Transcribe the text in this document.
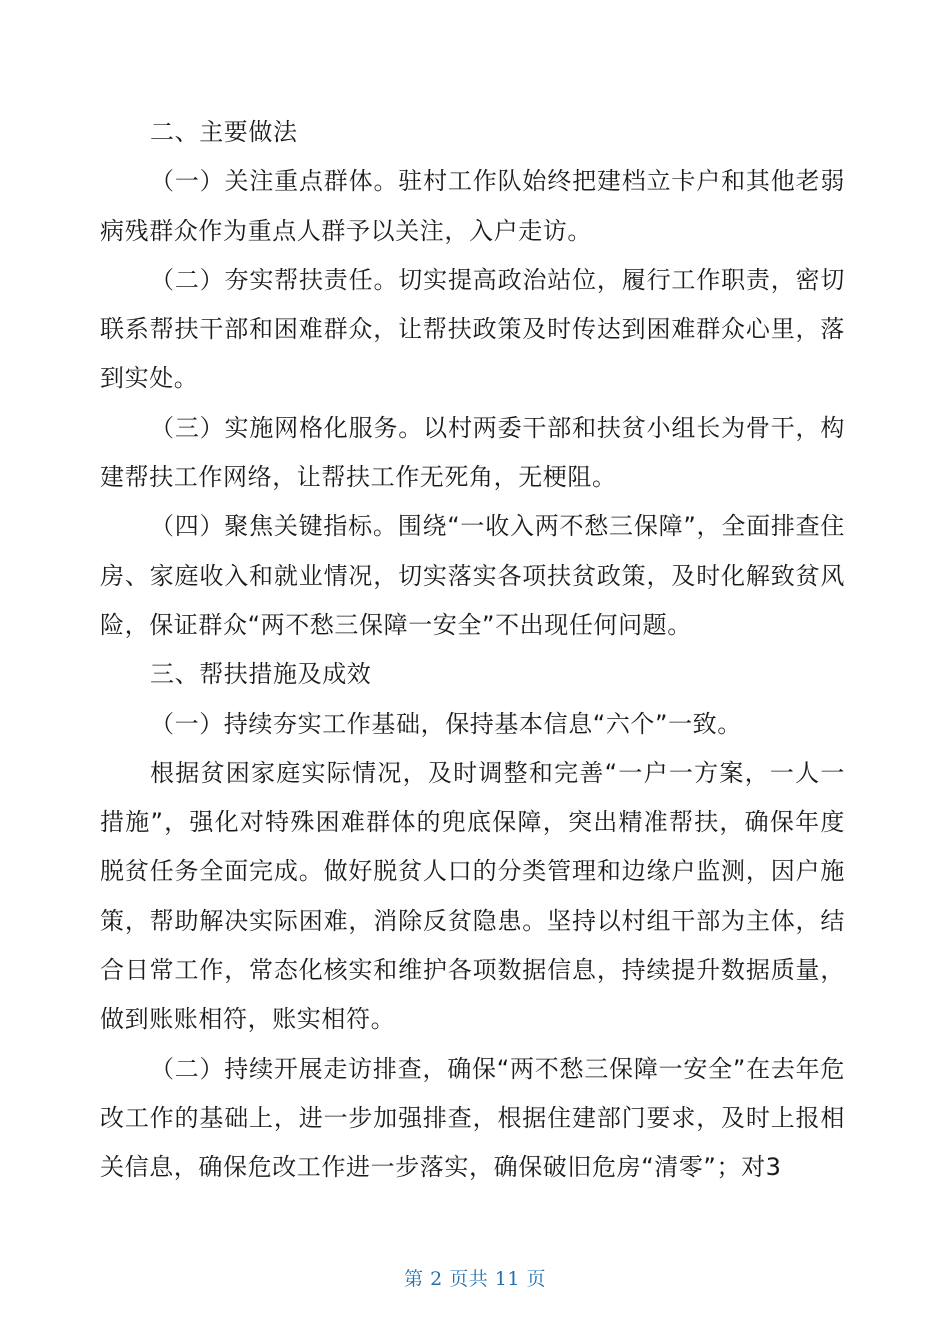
二、主要做法

（一）关注重点群体。驻村工作队始终把建档立卡户和其他老弱病残群众作为重点人群予以关注，入户走访。

（二）夯实帮扶责任。切实提高政治站位，履行工作职责，密切联系帮扶干部和困难群众，让帮扶政策及时传达到困难群众心里，落到实处。

（三）实施网格化服务。以村两委干部和扶贫小组长为骨干，构建帮扶工作网络，让帮扶工作无死角，无梗阻。

（四）聚焦关键指标。围绕“一收入两不愁三保障”，全面排查住房、家庭收入和就业情况，切实落实各项扶贫政策，及时化解致贫风险，保证群众“两不愁三保障一安全”不出现任何问题。

三、帮扶措施及成效

（一）持续夯实工作基础，保持基本信息“六个”一致。

根据贫困家庭实际情况，及时调整和完善“一户一方案，一人一措施”，强化对特殊困难群体的兜底保障，突出精准帮扶，确保年度脱贫任务全面完成。做好脱贫人口的分类管理和边缘户监测，因户施策，帮助解决实际困难，消除反贫隐患。坚持以村组干部为主体，结合日常工作，常态化核实和维护各项数据信息，持续提升数据质量，做到账账相符，账实相符。

（二）持续开展走访排查，确保“两不愁三保障一安全”在去年危改工作的基础上，进一步加强排查，根据住建部门要求，及时上报相关信息，确保危改工作进一步落实，确保破旧危房“清零”；对3

第 2 页共 11 页
